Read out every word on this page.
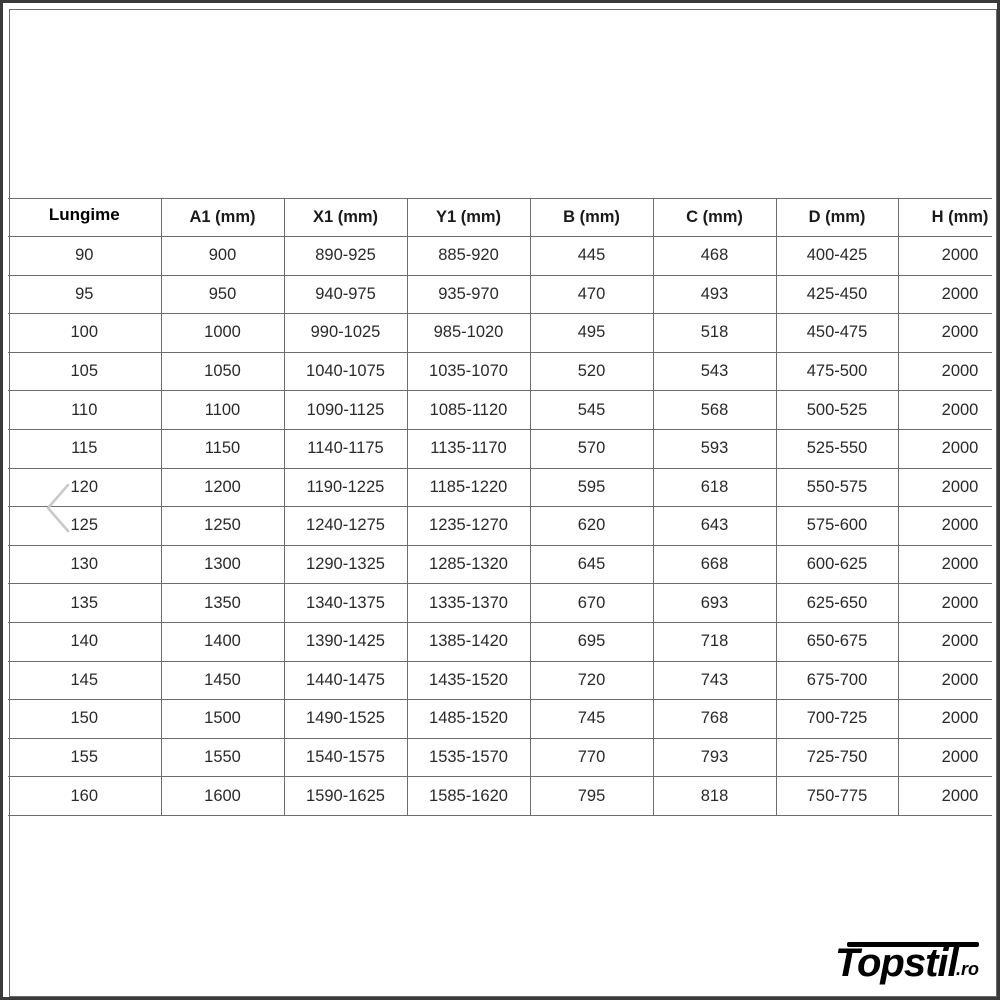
Lungime	A1 (mm)	X1 (mm)	Y1 (mm)	B (mm)	C (mm)	D (mm)	H (mm)
90	900	890-925	885-920	445	468	400-425	2000
95	950	940-975	935-970	470	493	425-450	2000
100	1000	990-1025	985-1020	495	518	450-475	2000
105	1050	1040-1075	1035-1070	520	543	475-500	2000
110	1100	1090-1125	1085-1120	545	568	500-525	2000
115	1150	1140-1175	1135-1170	570	593	525-550	2000
120	1200	1190-1225	1185-1220	595	618	550-575	2000
125	1250	1240-1275	1235-1270	620	643	575-600	2000
130	1300	1290-1325	1285-1320	645	668	600-625	2000
135	1350	1340-1375	1335-1370	670	693	625-650	2000
140	1400	1390-1425	1385-1420	695	718	650-675	2000
145	1450	1440-1475	1435-1520	720	743	675-700	2000
150	1500	1490-1525	1485-1520	745	768	700-725	2000
155	1550	1540-1575	1535-1570	770	793	725-750	2000
160	1600	1590-1625	1585-1620	795	818	750-775	2000
Topstil
.ro
